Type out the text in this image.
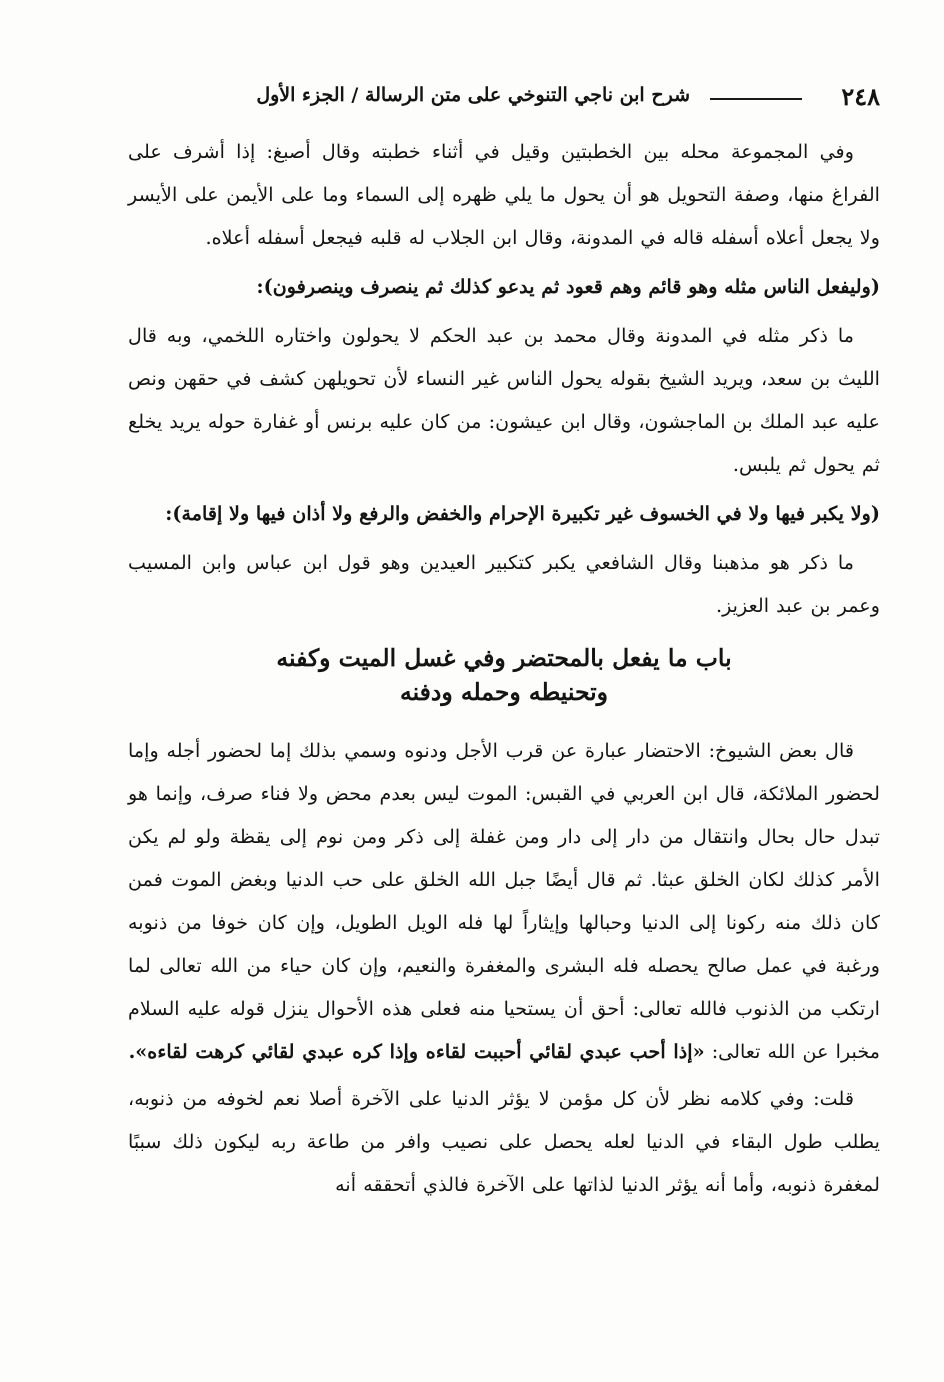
٢٤٨
شرح ابن ناجي التنوخي على متن الرسالة / الجزء الأول

وفي المجموعة محله بين الخطبتين وقيل في أثناء خطبته وقال أصبغ: إذا أشرف على الفراغ منها، وصفة التحويل هو أن يحول ما يلي ظهره إلى السماء وما على الأيمن على الأيسر ولا يجعل أعلاه أسفله قاله في المدونة، وقال ابن الجلاب له قلبه فيجعل أسفله أعلاه.

(وليفعل الناس مثله وهو قائم وهم قعود ثم يدعو كذلك ثم ينصرف وينصرفون):

ما ذكر مثله في المدونة وقال محمد بن عبد الحكم لا يحولون واختاره اللخمي، وبه قال الليث بن سعد، ويريد الشيخ بقوله يحول الناس غير النساء لأن تحويلهن كشف في حقهن ونص عليه عبد الملك بن الماجشون، وقال ابن عيشون: من كان عليه برنس أو غفارة حوله يريد يخلع ثم يحول ثم يلبس.

(ولا يكبر فيها ولا في الخسوف غير تكبيرة الإحرام والخفض والرفع ولا أذان فيها ولا إقامة):

ما ذكر هو مذهبنا وقال الشافعي يكبر كتكبير العيدين وهو قول ابن عباس وابن المسيب وعمر بن عبد العزيز.

باب ما يفعل بالمحتضر وفي غسل الميت وكفنه
وتحنيطه وحمله ودفنه

قال بعض الشيوخ: الاحتضار عبارة عن قرب الأجل ودنوه وسمي بذلك إما لحضور أجله وإما لحضور الملائكة، قال ابن العربي في القبس: الموت ليس بعدم محض ولا فناء صرف، وإنما هو تبدل حال بحال وانتقال من دار إلى دار ومن غفلة إلى ذكر ومن نوم إلى يقظة ولو لم يكن الأمر كذلك لكان الخلق عبثا. ثم قال أيضًا جبل الله الخلق على حب الدنيا وبغض الموت فمن كان ذلك منه ركونا إلى الدنيا وحبالها وإيثاراً لها فله الويل الطويل، وإن كان خوفا من ذنوبه ورغبة في عمل صالح يحصله فله البشرى والمغفرة والنعيم، وإن كان حياء من الله تعالى لما ارتكب من الذنوب فالله تعالى: أحق أن يستحيا منه فعلى هذه الأحوال ينزل قوله عليه السلام مخبرا عن الله تعالى: «إذا أحب عبدي لقائي أحببت لقاءه وإذا كره عبدي لقائي كرهت لقاءه».

قلت: وفي كلامه نظر لأن كل مؤمن لا يؤثر الدنيا على الآخرة أصلا نعم لخوفه من ذنوبه، يطلب طول البقاء في الدنيا لعله يحصل على نصيب وافر من طاعة ربه ليكون ذلك سببًا لمغفرة ذنوبه، وأما أنه يؤثر الدنيا لذاتها على الآخرة فالذي أتحققه أنه
